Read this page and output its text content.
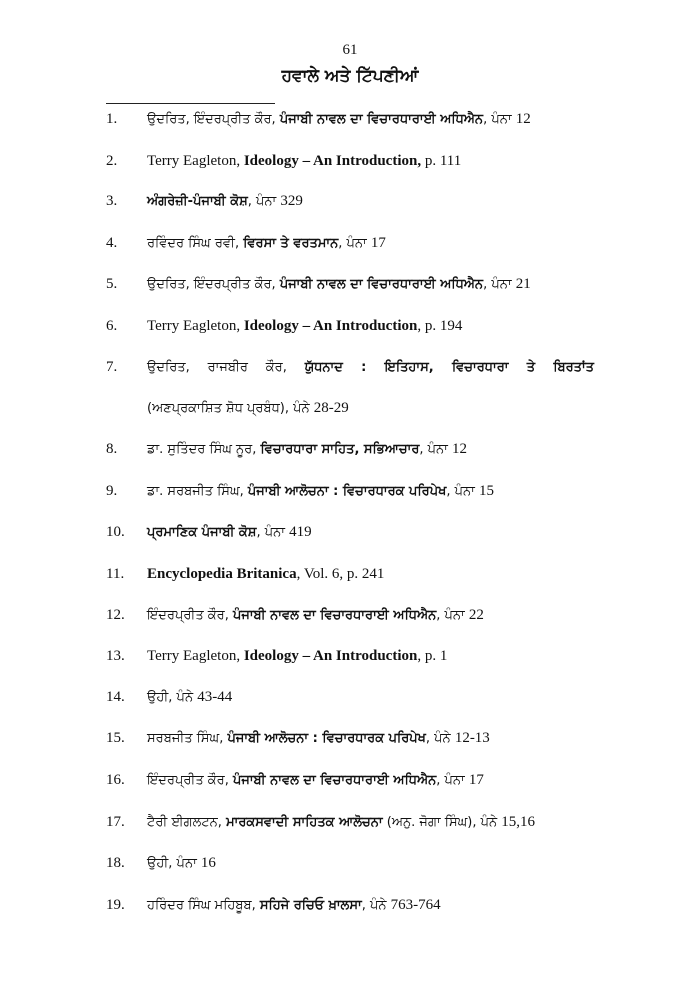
61
ਹਵਾਲੇ ਅਤੇ ਟਿੱਪਣੀਆਂ
1.	ਉਦਰਿਤ, ਇੰਦਰਪ੍ਰੀਤ ਕੌਰ, ਪੰਜਾਬੀ ਨਾਵਲ ਦਾ ਵਿਚਾਰਧਾਰਾਈ ਅਧਿਐਨ, ਪੰਨਾ 12
2.	Terry Eagleton, Ideology – An Introduction, p. 111
3.	ਅੰਗਰੇਜ਼ੀ-ਪੰਜਾਬੀ ਕੋਸ਼, ਪੰਨਾ 329
4.	ਰਵਿੰਦਰ ਸਿੰਘ ਰਵੀ, ਵਿਰਸਾ ਤੇ ਵਰਤਮਾਨ, ਪੰਨਾ 17
5.	ਉਦਰਿਤ, ਇੰਦਰਪ੍ਰੀਤ ਕੌਰ, ਪੰਜਾਬੀ ਨਾਵਲ ਦਾ ਵਿਚਾਰਧਾਰਾਈ ਅਧਿਐਨ, ਪੰਨਾ 21
6.	Terry Eagleton, Ideology – An Introduction, p. 194
7.	ਉਦਰਿਤ, ਰਾਜਬੀਰ ਕੌਰ, ਯੁੱਧਨਾਦ : ਇਤਿਹਾਸ, ਵਿਚਾਰਧਾਰਾ ਤੇ ਬਿਰਤਾਂਤ
(ਅਣਪ੍ਰਕਾਸ਼ਿਤ ਸ਼ੋਧ ਪ੍ਰਬੰਧ), ਪੰਨੇ 28-29
8.	ਡਾ. ਸੁਤਿੰਦਰ ਸਿੰਘ ਨੂਰ, ਵਿਚਾਰਧਾਰਾ ਸਾਹਿਤ, ਸਭਿਆਚਾਰ, ਪੰਨਾ 12
9.	ਡਾ. ਸਰਬਜੀਤ ਸਿੰਘ, ਪੰਜਾਬੀ ਆਲੋਚਨਾ : ਵਿਚਾਰਧਾਰਕ ਪਰਿਪੇਖ, ਪੰਨਾ 15
10.	ਪ੍ਰਮਾਣਿਕ ਪੰਜਾਬੀ ਕੋਸ਼, ਪੰਨਾ 419
11.	Encyclopedia Britanica, Vol. 6, p. 241
12.	ਇੰਦਰਪ੍ਰੀਤ ਕੌਰ, ਪੰਜਾਬੀ ਨਾਵਲ ਦਾ ਵਿਚਾਰਧਾਰਾਈ ਅਧਿਐਨ, ਪੰਨਾ 22
13.	Terry Eagleton, Ideology – An Introduction, p. 1
14.	ਉਹੀ, ਪੰਨੇ 43-44
15.	ਸਰਬਜੀਤ ਸਿੰਘ, ਪੰਜਾਬੀ ਆਲੋਚਨਾ : ਵਿਚਾਰਧਾਰਕ ਪਰਿਪੇਖ, ਪੰਨੇ 12-13
16.	ਇੰਦਰਪ੍ਰੀਤ ਕੌਰ, ਪੰਜਾਬੀ ਨਾਵਲ ਦਾ ਵਿਚਾਰਧਾਰਾਈ ਅਧਿਐਨ, ਪੰਨਾ 17
17.	ਟੈਰੀ ਈਗਲਟਨ, ਮਾਰਕਸਵਾਦੀ ਸਾਹਿਤਕ ਆਲੋਚਨਾ (ਅਨੁ. ਜੋਗਾ ਸਿੰਘ), ਪੰਨੇ 15,16
18.	ਉਹੀ, ਪੰਨਾ 16
19.	ਹਰਿੰਦਰ ਸਿੰਘ ਮਹਿਬੂਬ, ਸਹਿਜੇ ਰਚਿਓ ਖ਼ਾਲਸਾ, ਪੰਨੇ 763-764
